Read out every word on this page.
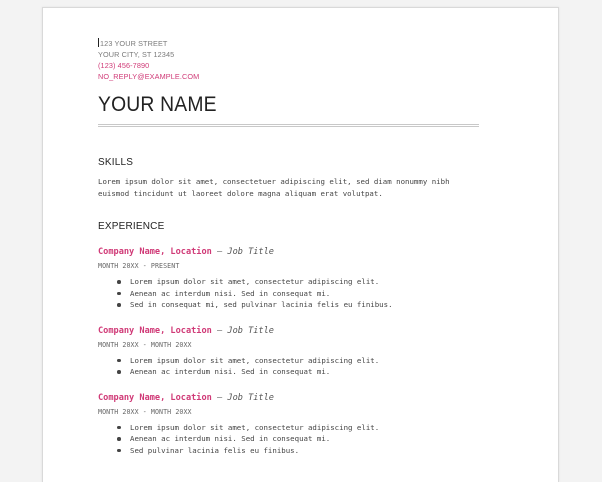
123 YOUR STREET
YOUR CITY, ST 12345
(123) 456-7890
NO_REPLY@EXAMPLE.COM
YOUR NAME
SKILLS
Lorem ipsum dolor sit amet, consectetuer adipiscing elit, sed diam nonummy nibh
euismod tincidunt ut laoreet dolore magna aliquam erat volutpat.
EXPERIENCE
Company Name, Location — Job Title
MONTH 20XX - PRESENT
Lorem ipsum dolor sit amet, consectetur adipiscing elit.
Aenean ac interdum nisi. Sed in consequat mi.
Sed in consequat mi, sed pulvinar lacinia felis eu finibus.
Company Name, Location — Job Title
MONTH 20XX - MONTH 20XX
Lorem ipsum dolor sit amet, consectetur adipiscing elit.
Aenean ac interdum nisi. Sed in consequat mi.
Company Name, Location — Job Title
MONTH 20XX - MONTH 20XX
Lorem ipsum dolor sit amet, consectetur adipiscing elit.
Aenean ac interdum nisi. Sed in consequat mi.
Sed pulvinar lacinia felis eu finibus.
